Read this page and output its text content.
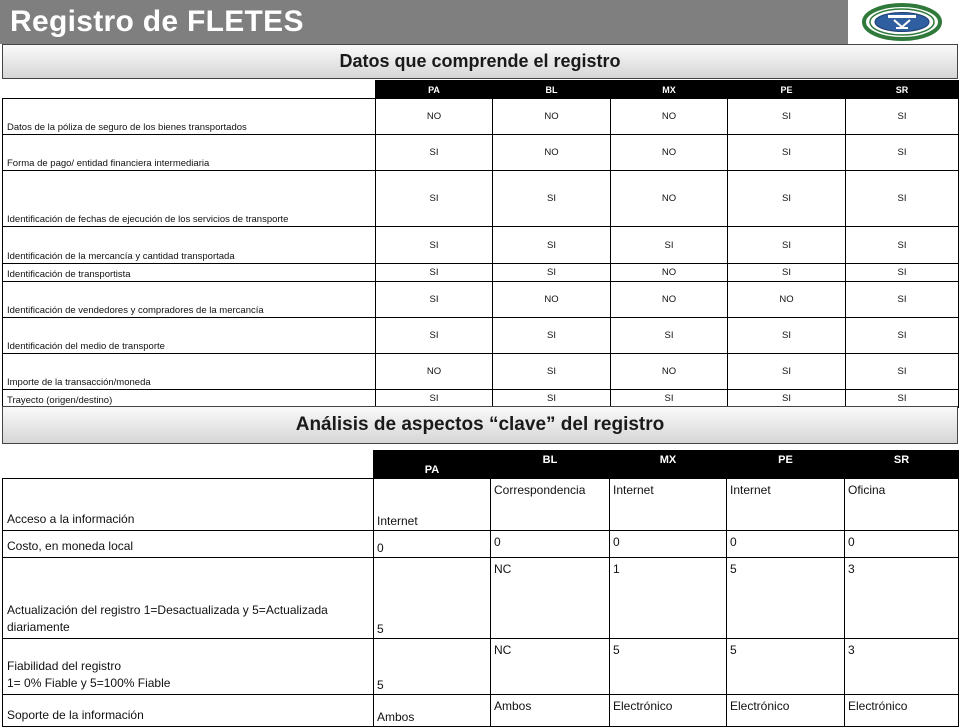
Registro de FLETES
Datos que comprende el registro
	PA	BL	MX	PE	SR
Datos de la póliza de seguro de los bienes transportados	NO	NO	NO	SI	SI
Forma de pago/ entidad financiera intermediaria	SI	NO	NO	SI	SI
Identificación de fechas de ejecución de los servicios de transporte	SI	SI	NO	SI	SI
Identificación de la mercancía y cantidad transportada	SI	SI	SI	SI	SI
Identificación de transportista	SI	SI	NO	SI	SI
Identificación de vendedores y compradores de la mercancía	SI	NO	NO	NO	SI
Identificación del medio de transporte	SI	SI	SI	SI	SI
Importe de la transacción/moneda	NO	SI	NO	SI	SI
Trayecto (origen/destino)	SI	SI	SI	SI	SI
Análisis de aspectos “clave” del registro
	PA	BL	MX	PE	SR
Acceso a la información	Internet	Correspondencia	Internet	Internet	Oficina
Costo, en moneda local	0	0	0	0	0
Actualización del registro 1=Desactualizada y 5=Actualizada diariamente	5	NC	1	5	3
Fiabilidad del registro
1= 0% Fiable y 5=100% Fiable	5	NC	5	5	3
Soporte de la información	Ambos	Ambos	Electrónico	Electrónico	Electrónico
